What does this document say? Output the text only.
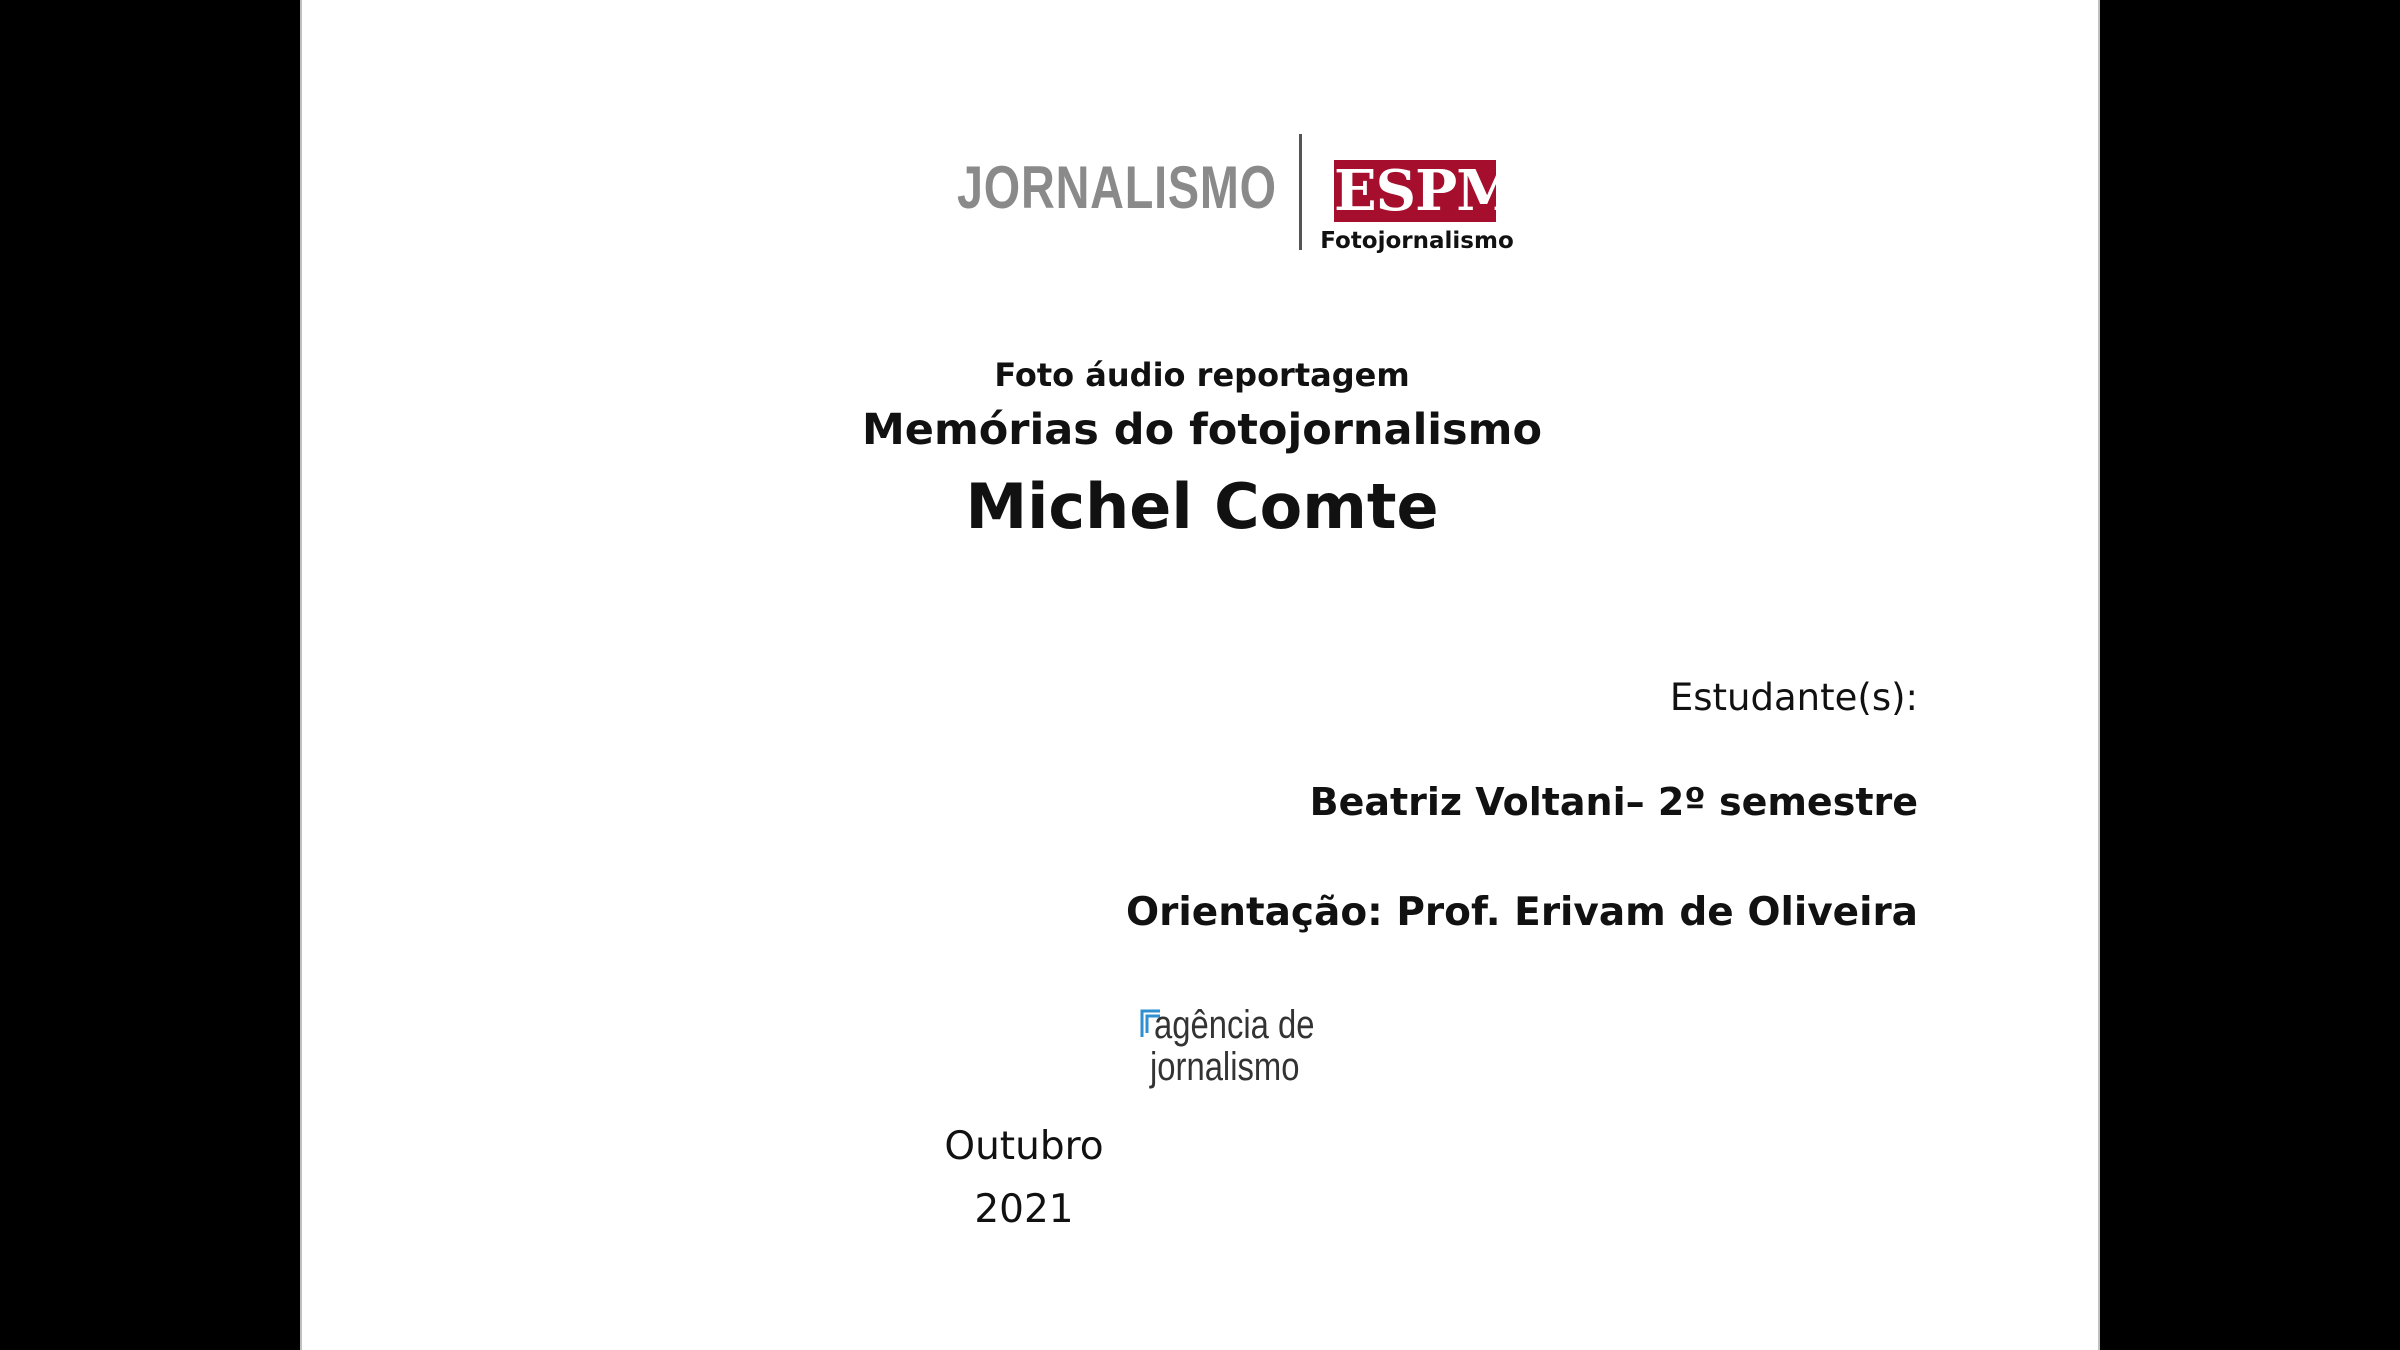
JORNALISMO ESPM
Fotojornalismo
Foto áudio reportagem
Memórias do fotojornalismo
Michel Comte
Estudante(s):
Beatriz Voltani– 2º semestre
Orientação: Prof. Erivam de Oliveira
agência de
jornalismo
Outubro
2021
